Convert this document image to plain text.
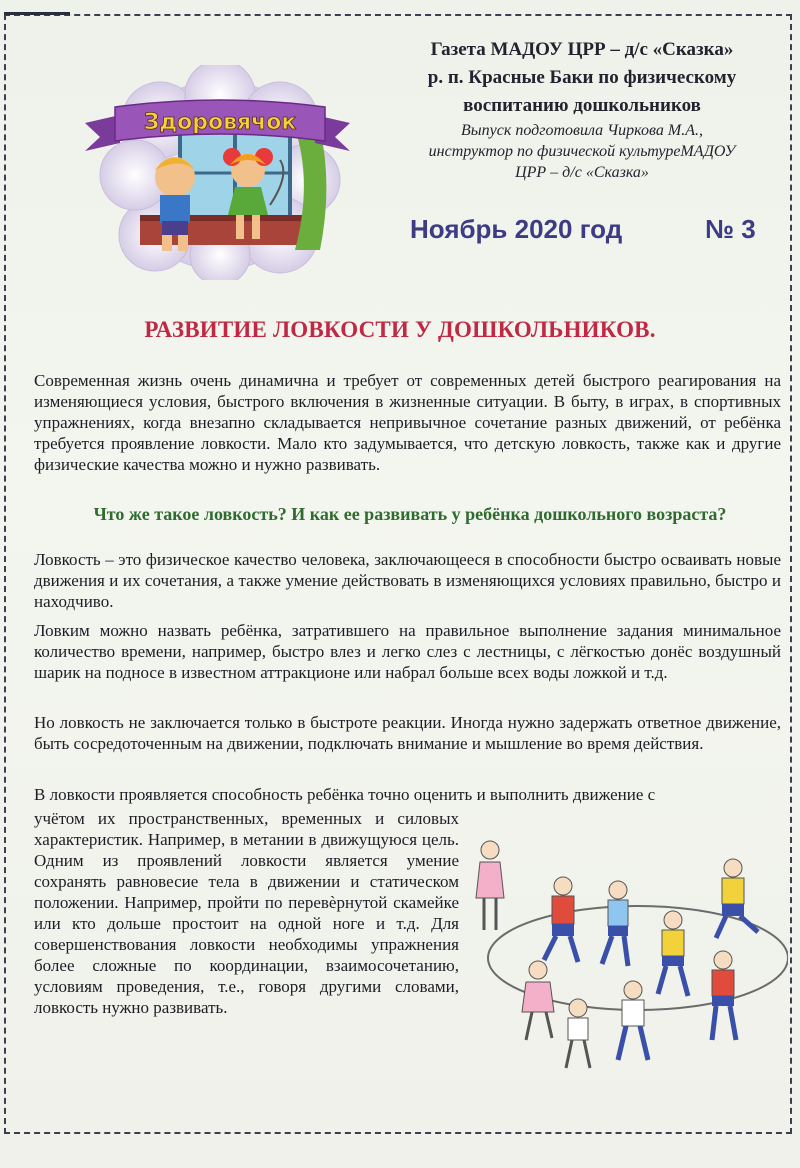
Здоровячок
Газета МАДОУ ЦРР – д/с «Сказка»
р. п. Красные Баки по физическому
воспитанию дошкольников
Выпуск подготовила Чиркова М.А.,
инструктор по физической культуреМАДОУ
ЦРР – д/с «Сказка»
Ноябрь 2020 год	№ 3
РАЗВИТИЕ ЛОВКОСТИ У ДОШКОЛЬНИКОВ.
Современная жизнь очень динамична и требует от современных детей быстрого реагирования на изменяющиеся условия, быстрого включения в жизненные ситуации. В быту, в играх, в спортивных упражнениях, когда внезапно складывается непривычное сочетание разных движений, от ребёнка требуется проявление ловкости. Мало кто задумывается, что детскую ловкость, также как и другие физические качества можно и нужно развивать.
Что же такое ловкость? И как ее развивать у ребёнка дошкольного возраста?
Ловкость – это физическое качество человека, заключающееся в способности быстро осваивать новые движения и их сочетания, а также умение действовать в изменяющихся условиях правильно, быстро и находчиво.
Ловким можно назвать ребёнка, затратившего на правильное выполнение задания минимальное количество времени, например, быстро влез и легко слез с лестницы, с лёгкостью донёс воздушный шарик на подносе в известном аттракционе или набрал больше всех воды ложкой и т.д.
Но ловкость не заключается только в быстроте реакции. Иногда нужно задержать ответное движение, быть сосредоточенным на движении, подключать внимание и мышление во время действия.
В ловкости проявляется способность ребёнка точно оценить и выполнить движение с
учётом их пространственных, временных и силовых характеристик. Например, в метании в движущуюся цель. Одним из проявлений ловкости является умение сохранять равновесие тела в движении и статическом положении. Например, пройти по перевѐрнутой скамейке или кто дольше простоит на одной ноге и т.д. Для совершенствования ловкости необходимы упражнения более сложные по координации, взаимосочетанию, условиям проведения, т.е., говоря другими словами, ловкость нужно развивать.
